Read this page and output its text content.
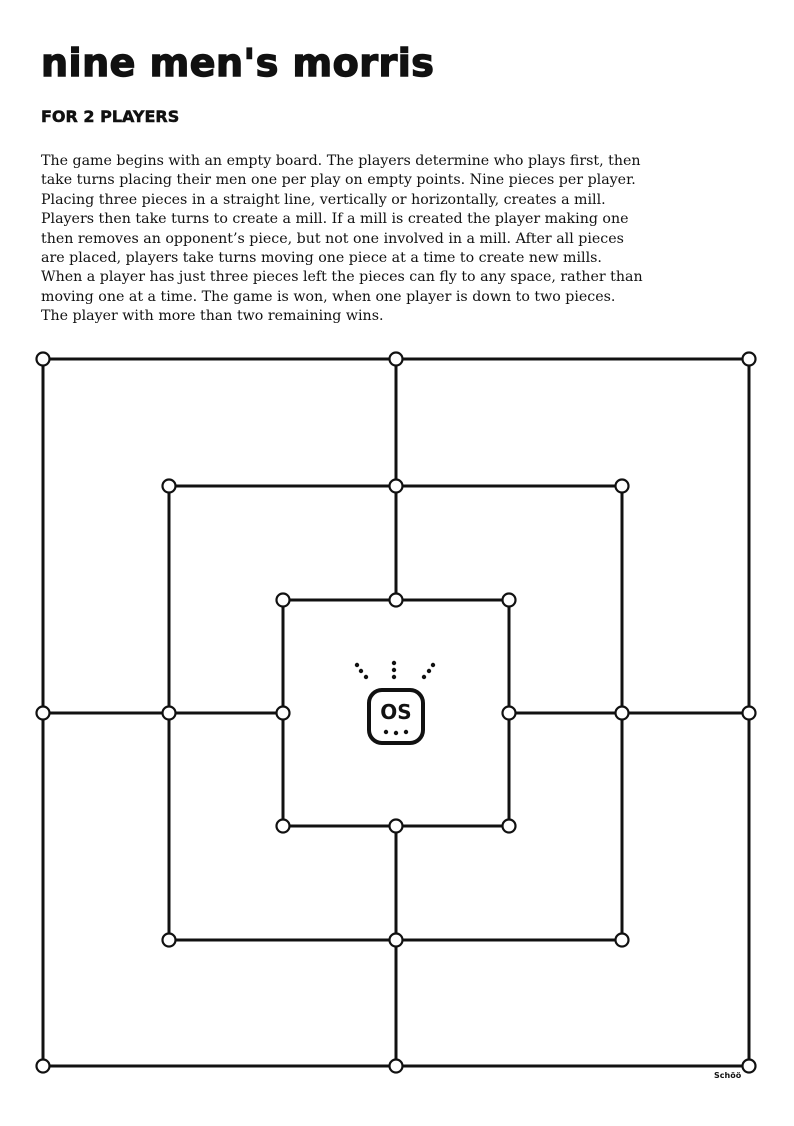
nine men's morris
FOR 2 PLAYERS
The game begins with an empty board. The players determine who plays first, then
take turns placing their men one per play on empty points. Nine pieces per player.
Placing three pieces in a straight line, vertically or horizontally, creates a mill.
Players then take turns to create a mill. If a mill is created the player making one
then removes an opponent’s piece, but not one involved in a mill. After all pieces
are placed, players take turns moving one piece at a time to create new mills.
When a player has just three pieces left the pieces can fly to any space, rather than
moving one at a time. The game is won, when one player is down to two pieces.
The player with more than two remaining wins.
OS
Schöö
